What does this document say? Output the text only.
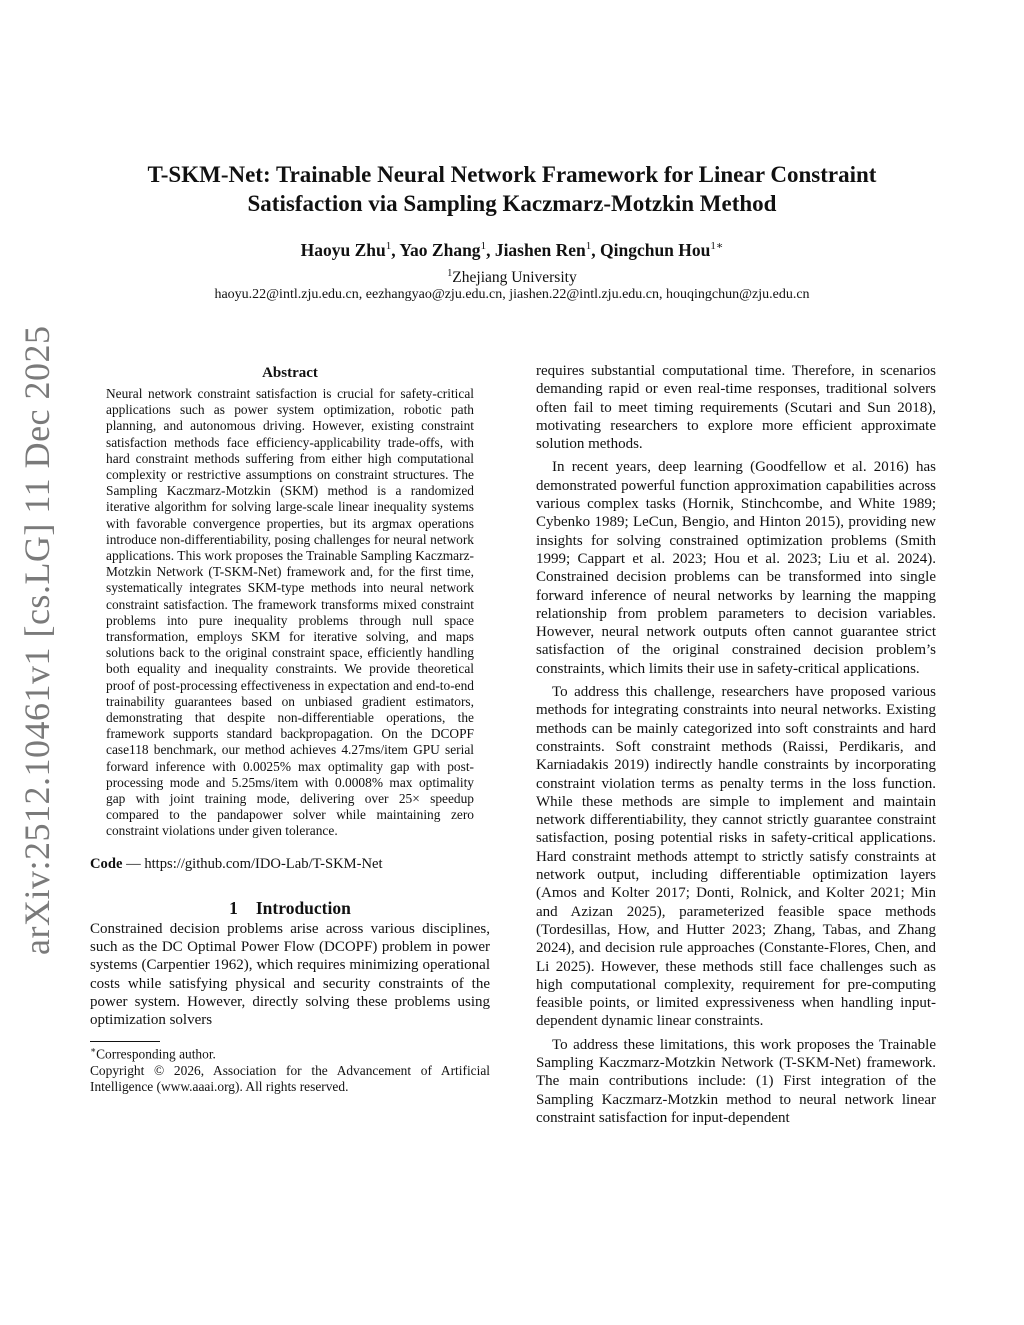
T-SKM-Net: Trainable Neural Network Framework for Linear Constraint
Satisfaction via Sampling Kaczmarz-Motzkin Method
Haoyu Zhu$^1$, Yao Zhang$^1$, Jiashen Ren$^1$, Qingchun Hou$^{1∗}$
$^1$Zhejiang University
haoyu.22@intl.zju.edu.cn, eezhangyao@zju.edu.cn, jiashen.22@intl.zju.edu.cn, houqingchun@zju.edu.cn
arXiv:2512.10461v1 [cs.LG] 11 Dec 2025	Abstract
Neural network constraint satisfaction is crucial for safety-critical applications such as power system optimization, robotic path planning, and autonomous driving. However, existing constraint satisfaction methods face efficiency-applicability trade-offs, with hard constraint methods suffering from either high computational complexity or restrictive assumptions on constraint structures. The Sampling Kaczmarz-Motzkin (SKM) method is a randomized iterative algorithm for solving large-scale linear inequality systems with favorable convergence properties, but its argmax operations introduce non-differentiability, posing challenges for neural network applications. This work proposes the Trainable Sampling Kaczmarz-Motzkin Network (T-SKM-Net) framework and, for the first time, systematically integrates SKM-type methods into neural network constraint satisfaction. The framework transforms mixed constraint problems into pure inequality problems through null space transformation, employs SKM for iterative solving, and maps solutions back to the original constraint space, efficiently handling both equality and inequality constraints. We provide theoretical proof of post-processing effectiveness in expectation and end-to-end trainability guarantees based on unbiased gradient estimators, demonstrating that despite non-differentiable operations, the framework supports standard backpropagation. On the DCOPF case118 benchmark, our method achieves 4.27ms/item GPU serial forward inference with 0.0025% max optimality gap with post-processing mode and 5.25ms/item with 0.0008% max optimality gap with joint training mode, delivering over 25× speedup compared to the pandapower solver while maintaining zero constraint violations under given tolerance.
Code — https://github.com/IDO-Lab/T-SKM-Net
1 Introduction

Constrained decision problems arise across various disciplines, such as the DC Optimal Power Flow (DCOPF) problem in power systems (Carpentier 1962), which requires minimizing operational costs while satisfying physical and security constraints of the power system. However, directly solving these problems using optimization solvers

∗Corresponding author.
Copyright © 2026, Association for the Advancement of Artificial Intelligence (www.aaai.org). All rights reserved.

requires substantial computational time. Therefore, in scenarios demanding rapid or even real-time responses, traditional solvers often fail to meet timing requirements (Scutari and Sun 2018), motivating researchers to explore more efficient approximate solution methods.

In recent years, deep learning (Goodfellow et al. 2016) has demonstrated powerful function approximation capabilities across various complex tasks (Hornik, Stinchcombe, and White 1989; Cybenko 1989; LeCun, Bengio, and Hinton 2015), providing new insights for solving constrained optimization problems (Smith 1999; Cappart et al. 2023; Hou et al. 2023; Liu et al. 2024). Constrained decision problems can be transformed into single forward inference of neural networks by learning the mapping relationship from problem parameters to decision variables. However, neural network outputs often cannot guarantee strict satisfaction of the original constrained decision problem’s constraints, which limits their use in safety-critical applications.

To address this challenge, researchers have proposed various methods for integrating constraints into neural networks. Existing methods can be mainly categorized into soft constraints and hard constraints. Soft constraint methods (Raissi, Perdikaris, and Karniadakis 2019) indirectly handle constraints by incorporating constraint violation terms as penalty terms in the loss function. While these methods are simple to implement and maintain network differentiability, they cannot strictly guarantee constraint satisfaction, posing potential risks in safety-critical applications. Hard constraint methods attempt to strictly satisfy constraints at network output, including differentiable optimization layers (Amos and Kolter 2017; Donti, Rolnick, and Kolter 2021; Min and Azizan 2025), parameterized feasible space methods (Tordesillas, How, and Hutter 2023; Zhang, Tabas, and Zhang 2024), and decision rule approaches (Constante-Flores, Chen, and Li 2025). However, these methods still face challenges such as high computational complexity, requirement for pre-computing feasible points, or limited expressiveness when handling input-dependent dynamic linear constraints.

To address these limitations, this work proposes the Trainable Sampling Kaczmarz-Motzkin Network (T-SKM-Net) framework. The main contributions include: (1) First integration of the Sampling Kaczmarz-Motzkin method to neural network linear constraint satisfaction for input-dependent
